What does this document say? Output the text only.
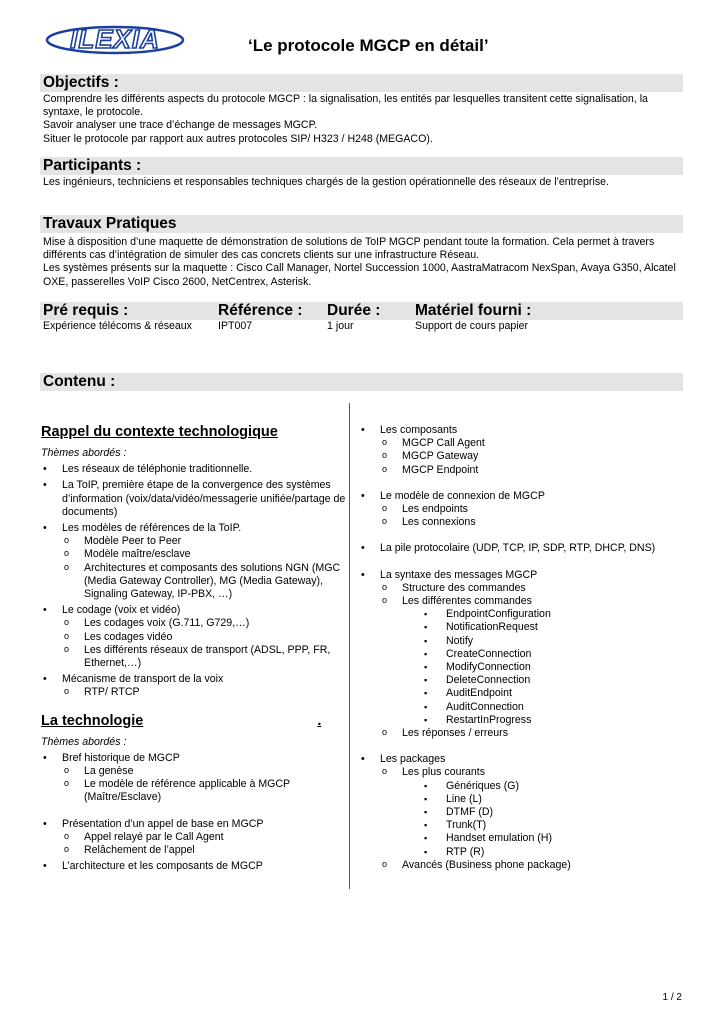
ILEXIA	‘Le protocole MGCP en détail’
Objectifs :
Comprendre les différents aspects du protocole MGCP : la signalisation, les entités par lesquelles transitent cette signalisation, la syntaxe, le protocole.
Savoir analyser une trace d’échange de messages MGCP.
Situer le protocole par rapport aux autres protocoles SIP/ H323 / H248 (MEGACO).
Participants :
Les ingénieurs, techniciens et responsables techniques chargés de la gestion opérationnelle des réseaux de l’entreprise.
Travaux Pratiques
Mise à disposition d’une maquette de démonstration de solutions de ToIP MGCP pendant toute la formation. Cela permet à travers différents cas d’intégration de simuler des cas concrets clients sur une infrastructure Réseau.
Les systèmes présents sur la maquette : Cisco Call Manager, Nortel Succession 1000, AastraMatracom NexSpan, Avaya G350, Alcatel OXE, passerelles VoIP Cisco 2600, NetCentrex, Asterisk.
Pré requis :	Référence : Durée : Matériel fourni :
Expérience télécoms & réseaux IPT007	1 jour	Support de cours papier
Contenu :
Rappel du contexte technologique
Thèmes abordés :
• Les réseaux de téléphonie traditionnelle.
• La ToIP, première étape de la convergence des systèmes d’information (voix/data/vidéo/messagerie unifiée/partage de documents)
• Les modèles de références de la ToIP.
o Modèle Peer to Peer
o Modèle maître/esclave
o Architectures et composants des solutions NGN (MGC (Media Gateway Controller), MG (Media Gateway), Signaling Gateway, IP-PBX, …)
• Le codage (voix et vidéo)
o Les codages voix (G.711, G729,…)
o Les codages vidéo
o Les différents réseaux de transport (ADSL, PPP, FR, Ethernet,…)
• Mécanisme de transport de la voix
o RTP/ RTCP
La technologie	.
Thèmes abordés :
• Bref historique de MGCP
o La genèse
o Le modèle de référence applicable à MGCP (Maître/Esclave)
• Présentation d’un appel de base en MGCP
o Appel relayé par le Call Agent
o Relâchement de l’appel
• L’architecture et les composants de MGCP
• Les composants
o MGCP Call Agent
o MGCP Gateway
o MGCP Endpoint
• Le modèle de connexion de MGCP
o Les endpoints
o Les connexions
• La pile protocolaire (UDP, TCP, IP, SDP, RTP, DHCP, DNS)
• La syntaxe des messages MGCP
o Structure des commandes
o Les différentes commandes
▪ EndpointConfiguration
▪ NotificationRequest
▪ Notify
▪ CreateConnection
▪ ModifyConnection
▪ DeleteConnection
▪ AuditEndpoint
▪ AuditConnection
▪ RestartInProgress
o Les réponses / erreurs
• Les packages
o Les plus courants
▪ Génériques (G)
▪ Line (L)
▪ DTMF (D)
▪ Trunk(T)
▪ Handset emulation (H)
▪ RTP (R)
o Avancés (Business phone package)
1 / 2
